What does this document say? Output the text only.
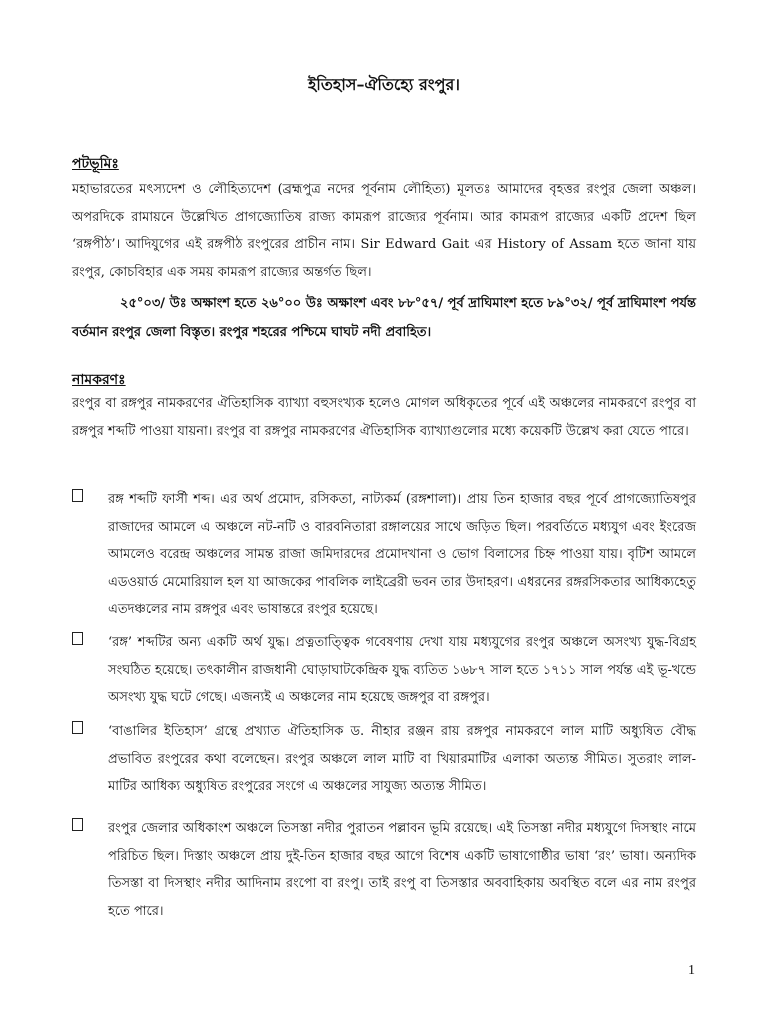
ইতিহাস–ঐতিহ্যে রংপুর।
পটভূমিঃ

মহাভারতের মৎস্যদেশ ও লৌহিত্যদেশ (ব্রহ্মপুত্র নদের পূর্বনাম লৌহিত্য) মূলতঃ আমাদের বৃহত্তর রংপুর জেলা অঞ্চল। অপরদিকে রামায়নে উল্লেখিত প্রাগজ্যোতিষ রাজ্য কামরূপ রাজ্যের পূর্বনাম। আর কামরূপ রাজ্যের একটি প্রদেশ ছিল ‘রঙ্গপীঠ’। আদিযুগের এই রঙ্গপীঠ রংপুরের প্রাচীন নাম। Sir Edward Gait এর History of Assam হতে জানা যায় রংপুর, কোচবিহার এক সময় কামরূপ রাজ্যের অন্তর্গত ছিল।

২৫°০৩/ উঃ অক্ষাংশ হতে ২৬°০০ উঃ অক্ষাংশ এবং ৮৮°৫৭/ পূর্ব দ্রাঘিমাংশ হতে ৮৯°৩২/ পূর্ব দ্রাঘিমাংশ পর্যন্ত বর্তমান রংপুর জেলা বিস্তৃত। রংপুর শহরের পশ্চিমে ঘাঘট নদী প্রবাহিত।

নামকরণঃ

রংপুর বা রঙ্গপুর নামকরণের ঐতিহাসিক ব্যাখ্যা বহুসংখ্যক হলেও মোগল অধিকৃতের পূর্বে এই অঞ্চলের নামকরণে রংপুর বা রঙ্গপুর শব্দটি পাওয়া যায়না। রংপুর বা রঙ্গপুর নামকরণের ঐতিহাসিক ব্যাখ্যাগুলোর মধ্যে কয়েকটি উল্লেখ করা যেতে পারে।

রঙ্গ শব্দটি ফার্সী শব্দ। এর অর্থ প্রমোদ, রসিকতা, নাট্যকর্ম (রঙ্গশালা)। প্রায় তিন হাজার বছর পূর্বে প্রাগজ্যোতিষপুর রাজাদের আমলে এ অঞ্চলে নট-নটি ও বারবনিতারা রঙ্গালয়ের সাথে জড়িত ছিল। পরবর্তিতে মধ্যযুগ এবং ইংরেজ আমলেও বরেন্দ্র অঞ্চলের সামন্ত রাজা জমিদারদের প্রমোদখানা ও ভোগ বিলাসের চিহ্ন পাওয়া যায়। বৃটিশ আমলে এডওয়ার্ড মেমোরিয়াল হল যা আজকের পাবলিক লাইব্রেরী ভবন তার উদাহরণ। এধরনের রঙ্গরসিকতার আধিক্যহেতু এতদঞ্চলের নাম রঙ্গপুর এবং ভাষান্তরে রংপুর হয়েছে।

‘রঙ্গ’ শব্দটির অন্য একটি অর্থ যুদ্ধ। প্রত্নতাত্ত্বিক গবেষণায় দেখা যায় মধ্যযুগের রংপুর অঞ্চলে অসংখ্য যুদ্ধ-বিগ্রহ সংঘঠিত হয়েছে। তৎকালীন রাজধানী ঘোড়াঘাটকেন্দ্রিক যুদ্ধ ব্যতিত ১৬৮৭ সাল হতে ১৭১১ সাল পর্যন্ত এই ভূ-খন্ডে অসংখ্য যুদ্ধ ঘটে গেছে। এজন্যই এ অঞ্চলের নাম হয়েছে জঙ্গপুর বা রঙ্গপুর।

‘বাঙালির ইতিহাস’ গ্রন্থে প্রখ্যাত ঐতিহাসিক ড. নীহার রঞ্জন রায় রঙ্গপুর নামকরণে লাল মাটি অধ্যুষিত বৌদ্ধ প্রভাবিত রংপুরের কথা বলেছেন। রংপুর অঞ্চলে লাল মাটি বা খিয়ারমাটির এলাকা অত্যন্ত সীমিত। সুতরাং লাল-মাটির আধিক্য অধ্যুষিত রংপুরের সংগে এ অঞ্চলের সাযুজ্য অত্যন্ত সীমিত।

রংপুর জেলার অধিকাংশ অঞ্চলে তিসস্তা নদীর পুরাতন পল্লাবন ভূমি রয়েছে। এই তিসস্তা নদীর মধ্যযুগে দিসস্থাং নামে পরিচিত ছিল। দিস্তাং অঞ্চলে প্রায় দুই-তিন হাজার বছর আগে বিশেষ একটি ভাষাগোষ্ঠীর ভাষা ‘রং’ ভাষা। অন্যদিক তিসস্তা বা দিসস্থাং নদীর আদিনাম রংপো বা রংপু। তাই রংপু বা তিসস্তার অববাহিকায় অবস্থিত বলে এর নাম রংপুর হতে পারে।

1
